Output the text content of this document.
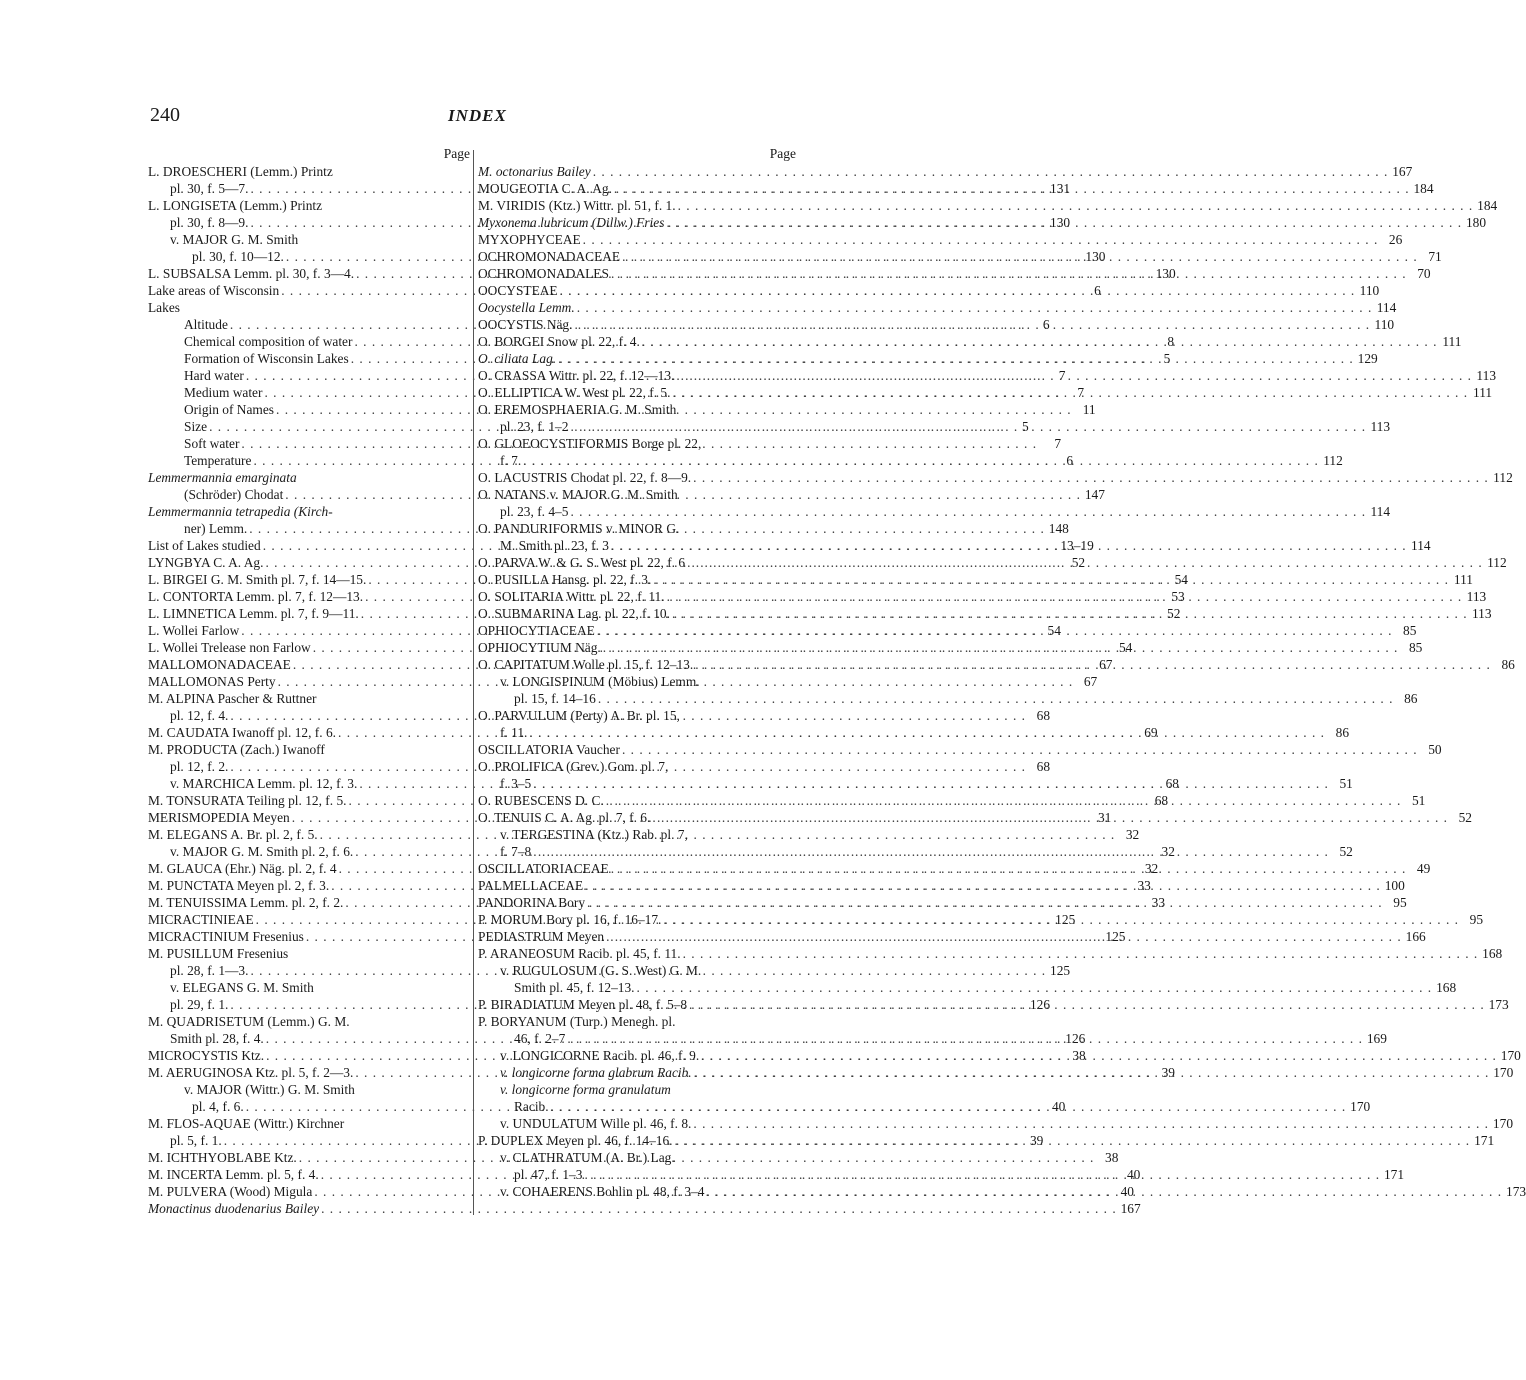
240	INDEX
Page
L. DROESCHERI (Lemm.) Printz
pl. 30, f. 5—7. . . .	131
L. LONGISETA (Lemm.) Printz
pl. 30, f. 8—9. . . .	130
v. MAJOR G. M. Smith
pl. 30, f. 10—12. . . .	130
L. SUBSALSA Lemm. pl. 30, f. 3—4. . . .	130
Lake areas of Wisconsin . . .	6
Lakes
Altitude . . .	6
Chemical composition of water . . .	8
Formation of Wisconsin Lakes . . .	5
Hard water . . .	7
Medium water . . .	7
Origin of Names . . .	11
Size . . .	5
Soft water . . .	7
Temperature . . .	6
Lemmermannia emarginata
(Schröder) Chodat . . .	147
Lemmermannia tetrapedia (Kirch-
ner) Lemm. . . .	148
List of Lakes studied . . .	13–19
LYNGBYA C. A. Ag. . . .	52
L. BIRGEI G. M. Smith pl. 7, f. 14—15. . . .	54
L. CONTORTA Lemm. pl. 7, f. 12—13. . . .	53
L. LIMNETICA Lemm. pl. 7, f. 9—11. . . .	52
L. Wollei Farlow . . .	54
L. Wollei Trelease non Farlow . . .	54
MALLOMONADACEAE . . .	67
MALLOMONAS Perty . . .	67
M. ALPINA Pascher & Ruttner
pl. 12, f. 4. . . .	68
M. CAUDATA Iwanoff pl. 12, f. 6. . . .	69
M. PRODUCTA (Zach.) Iwanoff
pl. 12, f. 2. . . .	68
v. MARCHICA Lemm. pl. 12, f. 3. . . .	68
M. TONSURATA Teiling pl. 12, f. 5. . . .	68
MERISMOPEDIA Meyen . . .	31
M. ELEGANS A. Br. pl. 2, f. 5. . . .	32
v. MAJOR G. M. Smith pl. 2, f. 6. . . .	32
M. GLAUCA (Ehr.) Näg. pl. 2, f. 4 . . .	32
M. PUNCTATA Meyen pl. 2, f. 3. . . .	33
M. TENUISSIMA Lemm. pl. 2, f. 2. . . .	33
MICRACTINIEAE . . .	125
MICRACTINIUM Fresenius . . .	125
M. PUSILLUM Fresenius
pl. 28, f. 1—3. . . .	125
v. ELEGANS G. M. Smith
pl. 29, f. 1. . . .	126
M. QUADRISETUM (Lemm.) G. M.
Smith pl. 28, f. 4. . . .	126
MICROCYSTIS Ktz. . . .	38
M. AERUGINOSA Ktz. pl. 5, f. 2—3. . . .	39
v. MAJOR (Wittr.) G. M. Smith
pl. 4, f. 6. . . .	40
M. FLOS-AQUAE (Wittr.) Kirchner
pl. 5, f. 1. . . .	39
M. ICHTHYOBLABE Ktz. . . .	38
M. INCERTA Lemm. pl. 5, f. 4. . . .	40
M. PULVERA (Wood) Migula . . .	40
Monactinus duodenarius Bailey . . .	167
Page
M. octonarius Bailey . . .	167
MOUGEOTIA C. A. Ag. . . .	184
M. VIRIDIS (Ktz.) Wittr. pl. 51, f. 1. . . .	184
Myxonema lubricum (Dillw.) Fries . . .	180
MYXOPHYCEAE . . .	26
OCHROMONADACEAE . . .	71
OCHROMONADALES . . .	70
OOCYSTEAE . . .	110
Oocystella Lemm. . . .	114
OOCYSTIS Näg. . . .	110
O. BORGEI Snow pl. 22, f. 4. . . .	111
O. ciliata Lag. . . .	129
O. CRASSA Wittr. pl. 22, f. 12—13. . . .	113
O. ELLIPTICA W. West pl. 22, f. 5. . . .	111
O. EREMOSPHAERIA G. M. Smith
pl. 23, f. 1–2 . . .	113
O. GLOEOCYSTIFORMIS Borge pl. 22,
f. 7. . . .	112
O. LACUSTRIS Chodat pl. 22, f. 8—9. . . .	112
O. NATANS v. MAJOR G. M. Smith
pl. 23, f. 4–5 . . .	114
O. PANDURIFORMIS v. MINOR G.
M. Smith pl. 23, f. 3 . . .	114
O. PARVA W. & G. S. West pl. 22, f. 6 . . .	112
O. PUSILLA Hansg. pl. 22, f. 3. . . .	111
O. SOLITARIA Wittr. pl. 22, f. 11. . . .	113
O. SUBMARINA Lag. pl. 22, f. 10. . . .	113
OPHIOCYTIACEAE . . .	85
OPHIOCYTIUM Näg. . . .	85
O. CAPITATUM Wolle pl. 15, f. 12–13. . . .	86
v. LONGISPINUM (Möbius) Lemm.
pl. 15, f. 14–16 . . .	86
O. PARVULUM (Perty) A. Br. pl. 15,
f. 11. . . .	86
OSCILLATORIA Vaucher . . .	50
O. PROLIFICA (Grev.) Gom. pl. 7,
f. 3–5 . . .	51
O. RUBESCENS D. C. . . .	51
O. TENUIS C. A. Ag. pl. 7, f. 6. . . .	52
v. TERGESTINA (Ktz.) Rab. pl. 7,
f. 7–8 . . .	52
OSCILLATORIACEAE . . .	49
PALMELLACEAE . . .	100
PANDORINA Bory . . .	95
P. MORUM Bory pl. 16, f. 16–17. . . .	95
PEDIASTRUM Meyen . . .	166
P. ARANEOSUM Racib. pl. 45, f. 11. . . .	168
v. RUGULOSUM (G. S. West) G. M.
Smith pl. 45, f. 12–13. . . .	168
P. BIRADIATUM Meyen pl. 48, f. 5–8 . . .	173
P. BORYANUM (Turp.) Menegh. pl.
46, f. 2–7 . . .	169
v. LONGICORNE Racib. pl. 46, f. 9. . . .	170
v. longicorne forma glabrum Racib. . . .	170
v. longicorne forma granulatum
Racib. . . .	170
v. UNDULATUM Wille pl. 46, f. 8. . . .	170
P. DUPLEX Meyen pl. 46, f. 14–16. . . .	171
v. CLATHRATUM (A. Br.) Lag.
pl. 47, f. 1–3 . . .	171
v. COHAERENS Bohlin pl. 48, f. 3–4 . . .	173
